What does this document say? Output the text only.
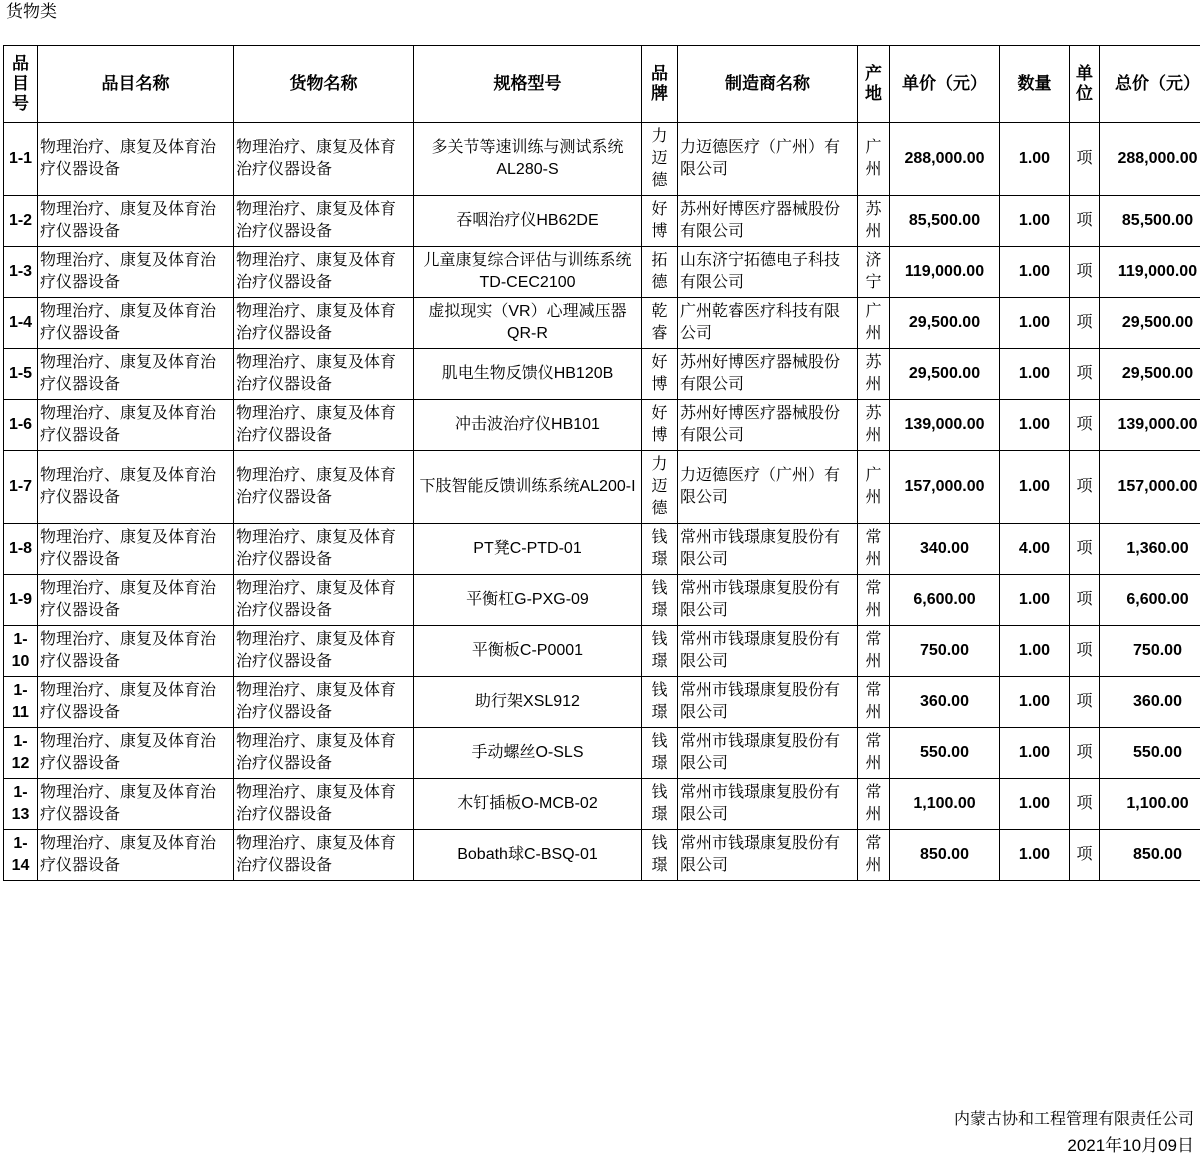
货物类
品目号	品目名称	货物名称	规格型号	品牌	制造商名称	产地	单价（元）	数量	单位	总价（元）
1-1	物理治疗、康复及体育治疗仪器设备	物理治疗、康复及体育治疗仪器设备	多关节等速训练与测试系统AL280-S	力迈德	力迈德医疗（广州）有限公司	广州	288,000.00	1.00	项	288,000.00
1-2	物理治疗、康复及体育治疗仪器设备	物理治疗、康复及体育治疗仪器设备	吞咽治疗仪HB62DE	好博	苏州好博医疗器械股份有限公司	苏州	85,500.00	1.00	项	85,500.00
1-3	物理治疗、康复及体育治疗仪器设备	物理治疗、康复及体育治疗仪器设备	儿童康复综合评估与训练系统TD-CEC2100	拓德	山东济宁拓德电子科技有限公司	济宁	119,000.00	1.00	项	119,000.00
1-4	物理治疗、康复及体育治疗仪器设备	物理治疗、康复及体育治疗仪器设备	虚拟现实（VR）心理减压器QR-R	乾睿	广州乾睿医疗科技有限公司	广州	29,500.00	1.00	项	29,500.00
1-5	物理治疗、康复及体育治疗仪器设备	物理治疗、康复及体育治疗仪器设备	肌电生物反馈仪HB120B	好博	苏州好博医疗器械股份有限公司	苏州	29,500.00	1.00	项	29,500.00
1-6	物理治疗、康复及体育治疗仪器设备	物理治疗、康复及体育治疗仪器设备	冲击波治疗仪HB101	好博	苏州好博医疗器械股份有限公司	苏州	139,000.00	1.00	项	139,000.00
1-7	物理治疗、康复及体育治疗仪器设备	物理治疗、康复及体育治疗仪器设备	下肢智能反馈训练系统AL200-I	力迈德	力迈德医疗（广州）有限公司	广州	157,000.00	1.00	项	157,000.00
1-8	物理治疗、康复及体育治疗仪器设备	物理治疗、康复及体育治疗仪器设备	PT凳C-PTD-01	钱璟	常州市钱璟康复股份有限公司	常州	340.00	4.00	项	1,360.00
1-9	物理治疗、康复及体育治疗仪器设备	物理治疗、康复及体育治疗仪器设备	平衡杠G-PXG-09	钱璟	常州市钱璟康复股份有限公司	常州	6,600.00	1.00	项	6,600.00
1-10	物理治疗、康复及体育治疗仪器设备	物理治疗、康复及体育治疗仪器设备	平衡板C-P0001	钱璟	常州市钱璟康复股份有限公司	常州	750.00	1.00	项	750.00
1-11	物理治疗、康复及体育治疗仪器设备	物理治疗、康复及体育治疗仪器设备	助行架XSL912	钱璟	常州市钱璟康复股份有限公司	常州	360.00	1.00	项	360.00
1-12	物理治疗、康复及体育治疗仪器设备	物理治疗、康复及体育治疗仪器设备	手动螺丝O-SLS	钱璟	常州市钱璟康复股份有限公司	常州	550.00	1.00	项	550.00
1-13	物理治疗、康复及体育治疗仪器设备	物理治疗、康复及体育治疗仪器设备	木钉插板O-MCB-02	钱璟	常州市钱璟康复股份有限公司	常州	1,100.00	1.00	项	1,100.00
1-14	物理治疗、康复及体育治疗仪器设备	物理治疗、康复及体育治疗仪器设备	Bobath球C-BSQ-01	钱璟	常州市钱璟康复股份有限公司	常州	850.00	1.00	项	850.00
内蒙古协和工程管理有限责任公司
2021年10月09日
